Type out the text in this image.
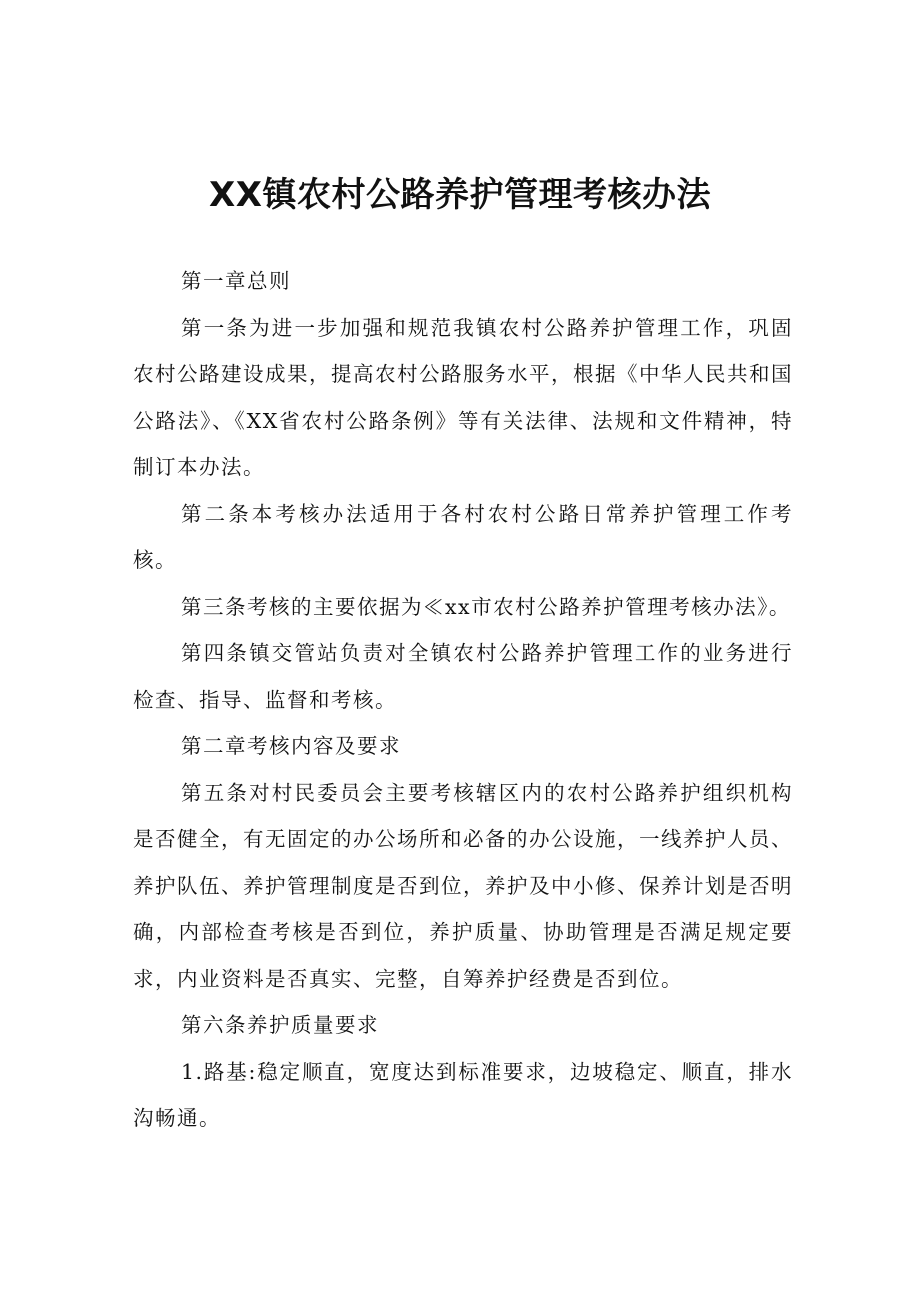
XX镇农村公路养护管理考核办法

第一章总则

第一条为进一步加强和规范我镇农村公路养护管理工作，巩固农村公路建设成果，提高农村公路服务水平，根据《中华人民共和国公路法》、《XX省农村公路条例》等有关法律、法规和文件精神，特制订本办法。

第二条本考核办法适用于各村农村公路日常养护管理工作考核。

第三条考核的主要依据为≪xx市农村公路养护管理考核办法》。

第四条镇交管站负责对全镇农村公路养护管理工作的业务进行检查、指导、监督和考核。

第二章考核内容及要求

第五条对村民委员会主要考核辖区内的农村公路养护组织机构是否健全，有无固定的办公场所和必备的办公设施，一线养护人员、养护队伍、养护管理制度是否到位，养护及中小修、保养计划是否明确，内部检查考核是否到位，养护质量、协助管理是否满足规定要求，内业资料是否真实、完整，自筹养护经费是否到位。

第六条养护质量要求

1.路基:稳定顺直，宽度达到标准要求，边坡稳定、顺直，排水沟畅通。
